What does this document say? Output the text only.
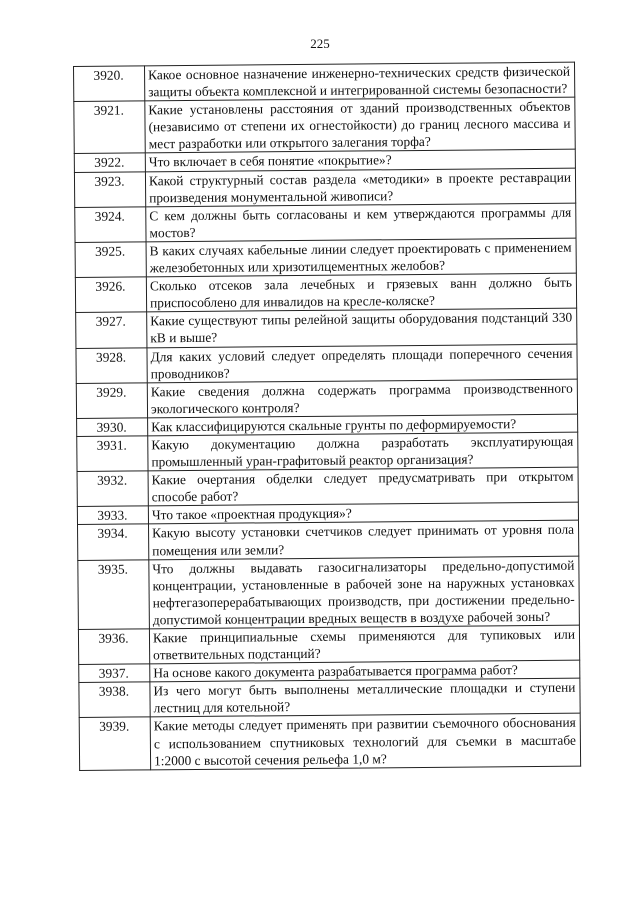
225
3920.	Какое основное назначение инженерно-технических средств физической защиты объекта комплексной и интегрированной системы безопасности?
3921.	Какие установлены расстояния от зданий производственных объектов (независимо от степени их огнестойкости) до границ лесного массива и мест разработки или открытого залегания торфа?
3922.	Что включает в себя понятие «покрытие»?
3923.	Какой структурный состав раздела «методики» в проекте реставрации произведения монументальной живописи?
3924.	С кем должны быть согласованы и кем утверждаются программы для мостов?
3925.	В каких случаях кабельные линии следует проектировать с применением железобетонных или хризотилцементных желобов?
3926.	Сколько отсеков зала лечебных и грязевых ванн должно быть приспособлено для инвалидов на кресле-коляске?
3927.	Какие существуют типы релейной защиты оборудования подстанций 330 кВ и выше?
3928.	Для каких условий следует определять площади поперечного сечения проводников?
3929.	Какие сведения должна содержать программа производственного экологического контроля?
3930.	Как классифицируются скальные грунты по деформируемости?
3931.	Какую документацию должна разработать эксплуатирующая промышленный уран-графитовый реактор организация?
3932.	Какие очертания обделки следует предусматривать при открытом способе работ?
3933.	Что такое «проектная продукция»?
3934.	Какую высоту установки счетчиков следует принимать от уровня пола помещения или земли?
3935.	Что должны выдавать газосигнализаторы предельно-допустимой концентрации, установленные в рабочей зоне на наружных установках нефтегазоперерабатывающих производств, при достижении предельно-допустимой концентрации вредных веществ в воздухе рабочей зоны?
3936.	Какие принципиальные схемы применяются для тупиковых или ответвительных подстанций?
3937.	На основе какого документа разрабатывается программа работ?
3938.	Из чего могут быть выполнены металлические площадки и ступени лестниц для котельной?
3939.	Какие методы следует применять при развитии съемочного обоснования с использованием спутниковых технологий для съемки в масштабе 1:2000 с высотой сечения рельефа 1,0 м?
